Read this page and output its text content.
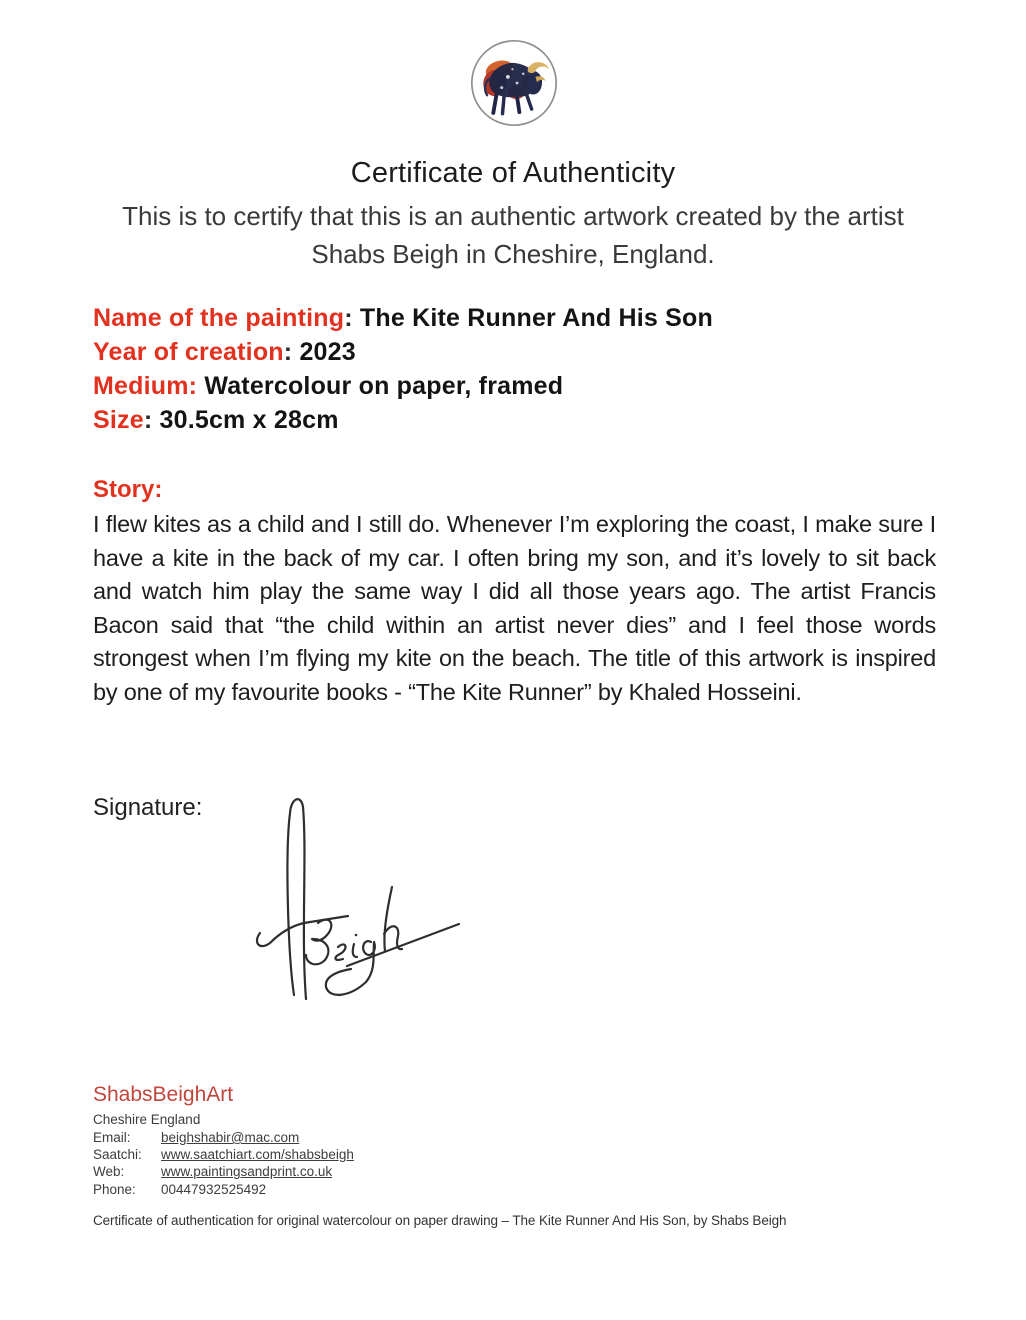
Certificate of Authenticity
This is to certify that this is an authentic artwork created by the artist
Shabs Beigh in Cheshire, England.
Name of the painting: The Kite Runner And His Son
Year of creation: 2023
Medium: Watercolour on paper, framed
Size: 30.5cm x 28cm
Story:
I flew kites as a child and I still do. Whenever I’m exploring the coast, I make sure I have a kite in the back of my car. I often bring my son, and it’s lovely to sit back and watch him play the same way I did all those years ago. The artist Francis Bacon said that “the child within an artist never dies” and I feel those words strongest when I’m flying my kite on the beach. The title of this artwork is inspired by one of my favourite books - “The Kite Runner” by Khaled Hosseini.
Signature:
ShabsBeighArt
Cheshire England
Email: beighshabir@mac.com
Saatchi: www.saatchiart.com/shabsbeigh
Web:	www.paintingsandprint.co.uk
Phone: 00447932525492
Certificate of authentication for original watercolour on paper drawing – The Kite Runner And His Son, by Shabs Beigh
